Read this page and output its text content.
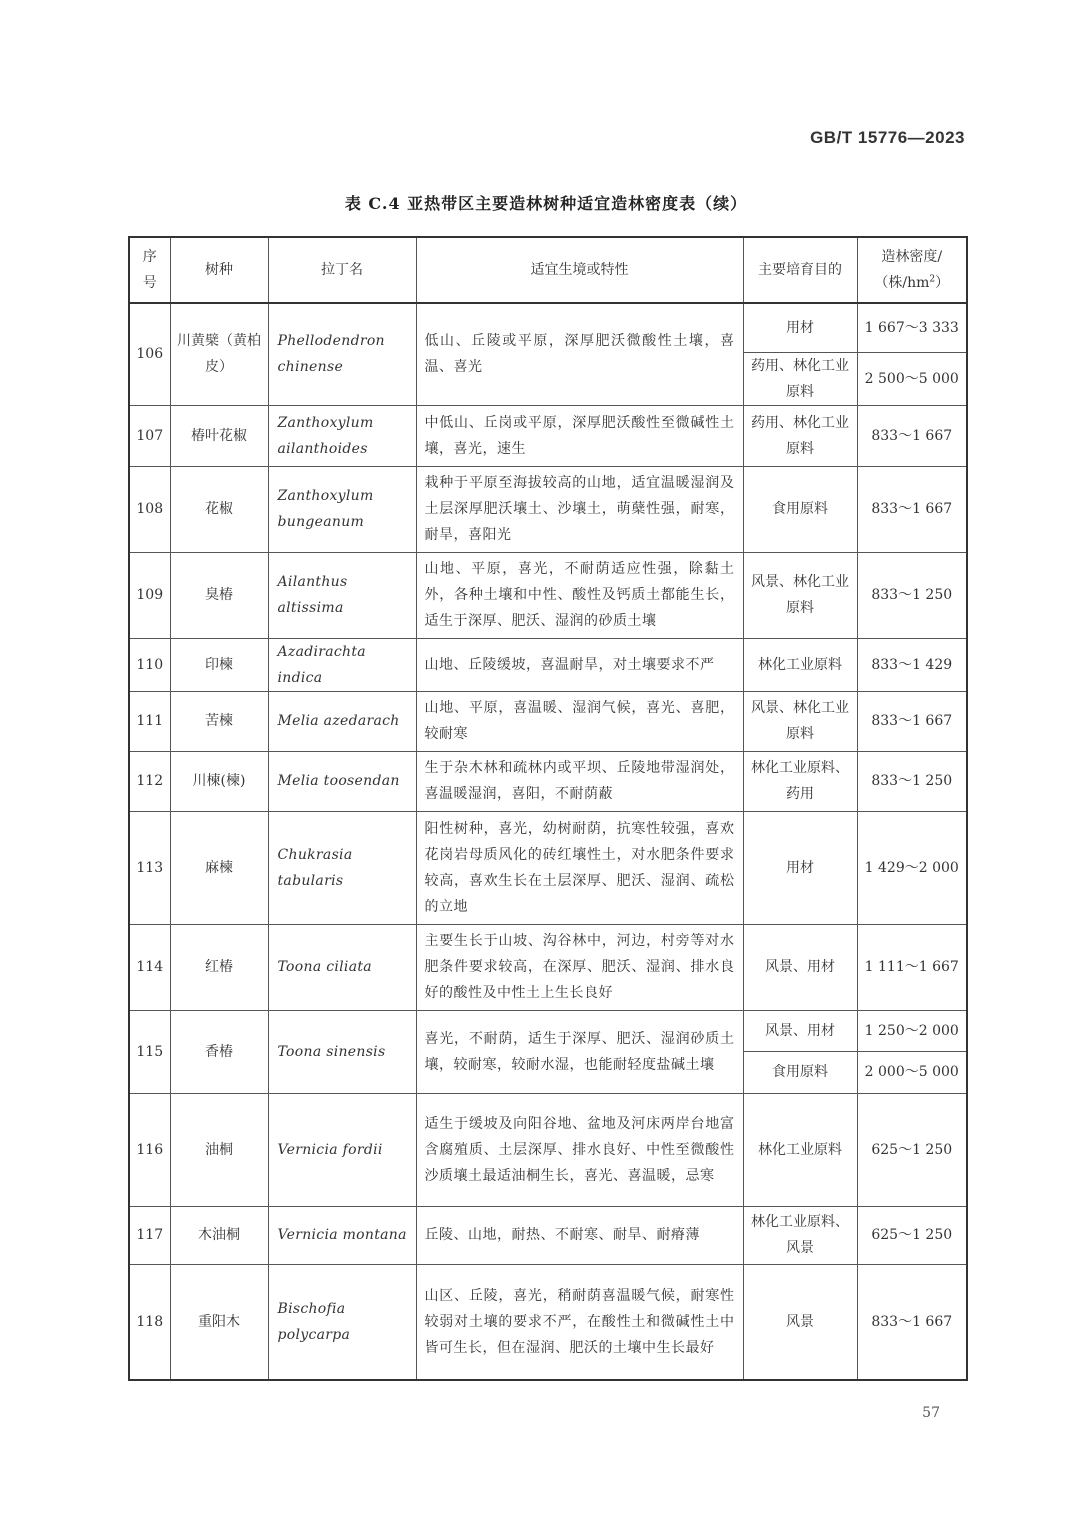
GB/T 15776—2023
表 C.4 亚热带区主要造林树种适宜造林密度表（续）
序号	树种	拉丁名	适宜生境或特性	主要培育目的	造林密度/
（株$/hm^2$）
106	川黄檗（黄柏皮）	Phellodendron chinense	低山、丘陵或平原，深厚肥沃微酸性土壤，喜温、喜光	用材	1 667～3 333
				药用、林化工业原料	2 500～5 000
107	椿叶花椒	Zanthoxylum ailanthoides	中低山、丘岗或平原，深厚肥沃酸性至微碱性土壤，喜光，速生	药用、林化工业原料	833～1 667
108	花椒	Zanthoxylum bungeanum	栽种于平原至海拔较高的山地，适宜温暖湿润及土层深厚肥沃壤土、沙壤土，萌蘖性强，耐寒，耐旱，喜阳光	食用原料	833～1 667
109	臭椿	Ailanthus altissima	山地、平原，喜光，不耐荫适应性强，除黏土外，各种土壤和中性、酸性及钙质土都能生长，适生于深厚、肥沃、湿润的砂质土壤	风景、林化工业原料	833～1 250
110	印楝	Azadirachta indica	山地、丘陵缓坡，喜温耐旱，对土壤要求不严	林化工业原料	833～1 429
111	苦楝	Melia azedarach	山地、平原，喜温暖、湿润气候，喜光、喜肥，较耐寒	风景、林化工业原料	833～1 667
112	川楝(楝)	Melia toosendan	生于杂木林和疏林内或平坝、丘陵地带湿润处，喜温暖湿润，喜阳，不耐荫蔽	林化工业原料、药用	833～1 250
113	麻楝	Chukrasia tabularis	阳性树种，喜光，幼树耐荫，抗寒性较强，喜欢花岗岩母质风化的砖红壤性土，对水肥条件要求较高，喜欢生长在土层深厚、肥沃、湿润、疏松的立地	用材	1 429～2 000
114	红椿	Toona ciliata	主要生长于山坡、沟谷林中，河边，村旁等对水肥条件要求较高，在深厚、肥沃、湿润、排水良好的酸性及中性土上生长良好	风景、用材	1 111～1 667
115	香椿	Toona sinensis	喜光，不耐荫，适生于深厚、肥沃、湿润砂质土壤，较耐寒，较耐水湿，也能耐轻度盐碱土壤	风景、用材	1 250～2 000
				食用原料	2 000～5 000
116	油桐	Vernicia fordii	适生于缓坡及向阳谷地、盆地及河床两岸台地富含腐殖质、土层深厚、排水良好、中性至微酸性沙质壤土最适油桐生长，喜光、喜温暖，忌寒	林化工业原料	625～1 250
117	木油桐	Vernicia montana	丘陵、山地，耐热、不耐寒、耐旱、耐瘠薄	林化工业原料、风景	625～1 250
118	重阳木	Bischofia polycarpa	山区、丘陵，喜光，稍耐荫喜温暖气候，耐寒性较弱对土壤的要求不严，在酸性土和微碱性土中皆可生长，但在湿润、肥沃的土壤中生长最好	风景	833～1 667
57
